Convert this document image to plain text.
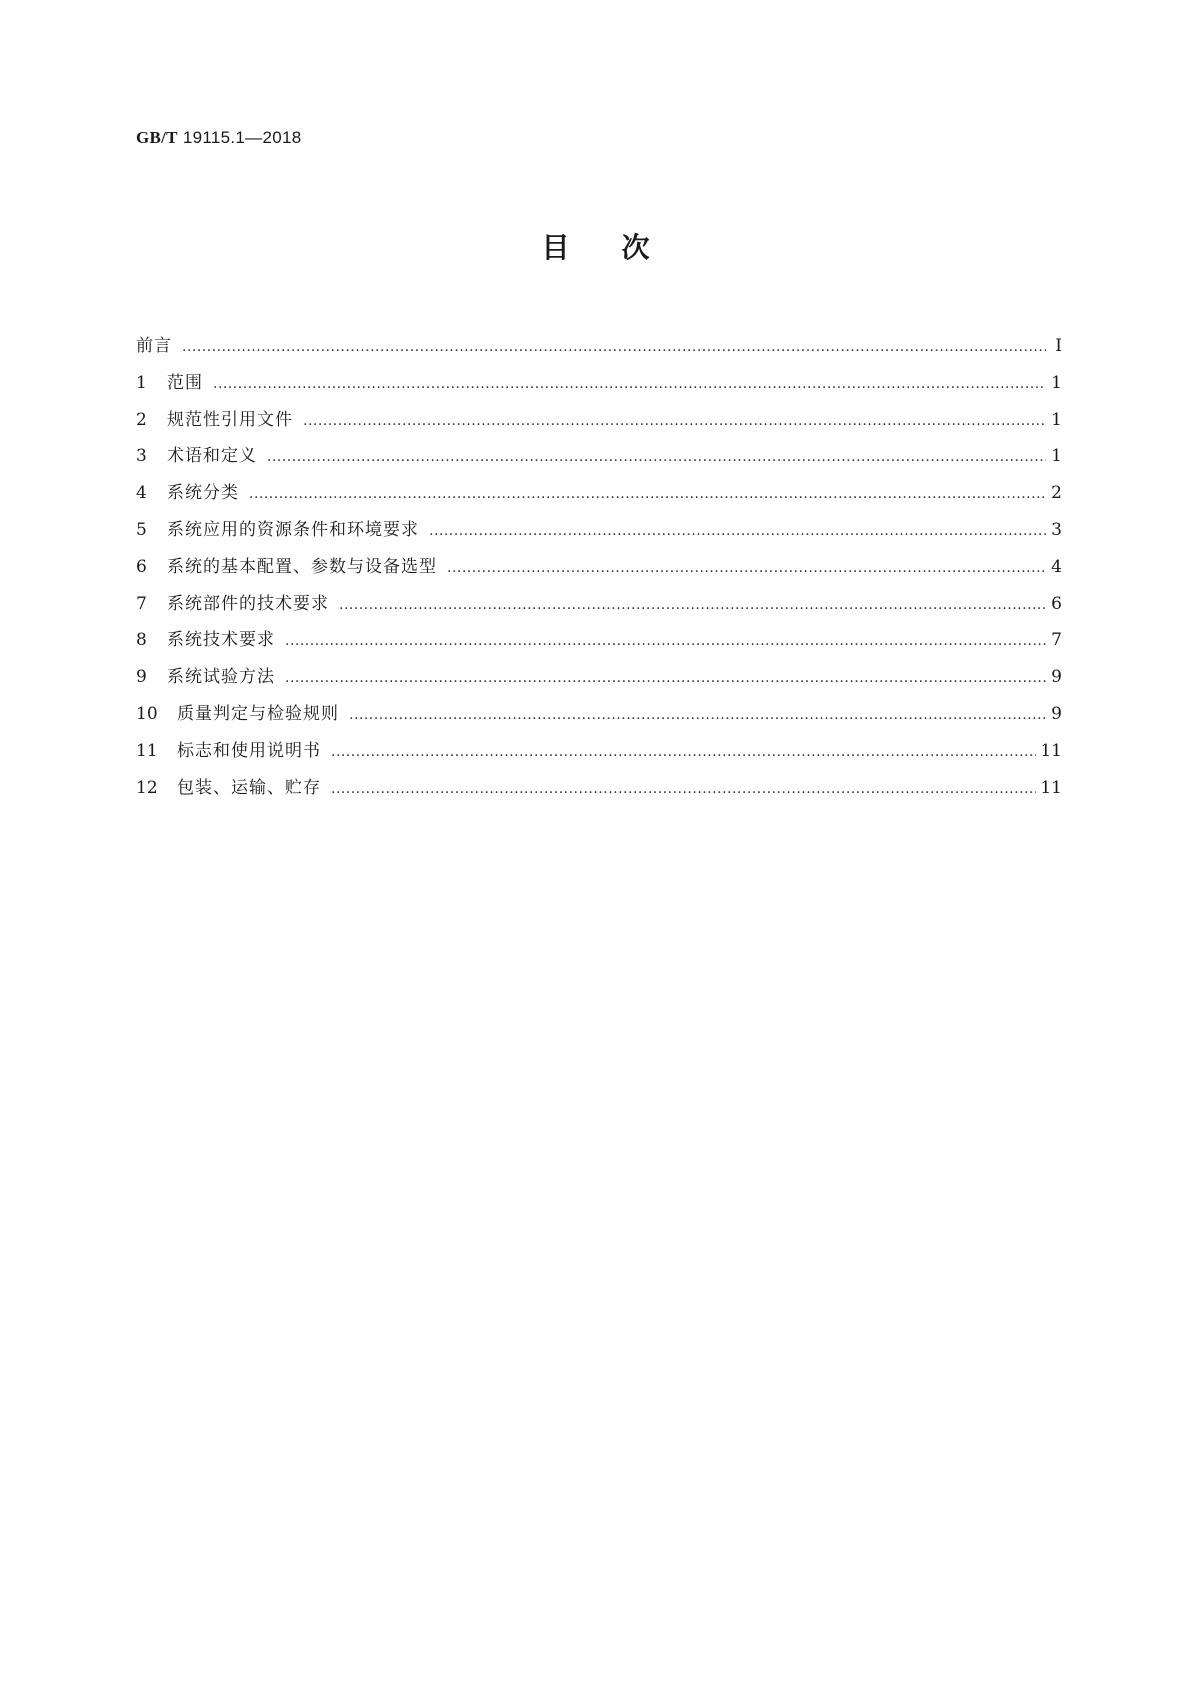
GB/T 19115.1—2018
目次
前言 .....	I
1	范围 .....	1
2	规范性引用文件 .....	1
3	术语和定义 .....	1
4	系统分类 .....	2
5	系统应用的资源条件和环境要求 .....	3
6	系统的基本配置、参数与设备选型 .....	4
7	系统部件的技术要求 .....	6
8	系统技术要求 .....	7
9	系统试验方法 .....	9
10	质量判定与检验规则 .....	9
11	标志和使用说明书 .....	11
12	包装、运输、贮存 .....	11
